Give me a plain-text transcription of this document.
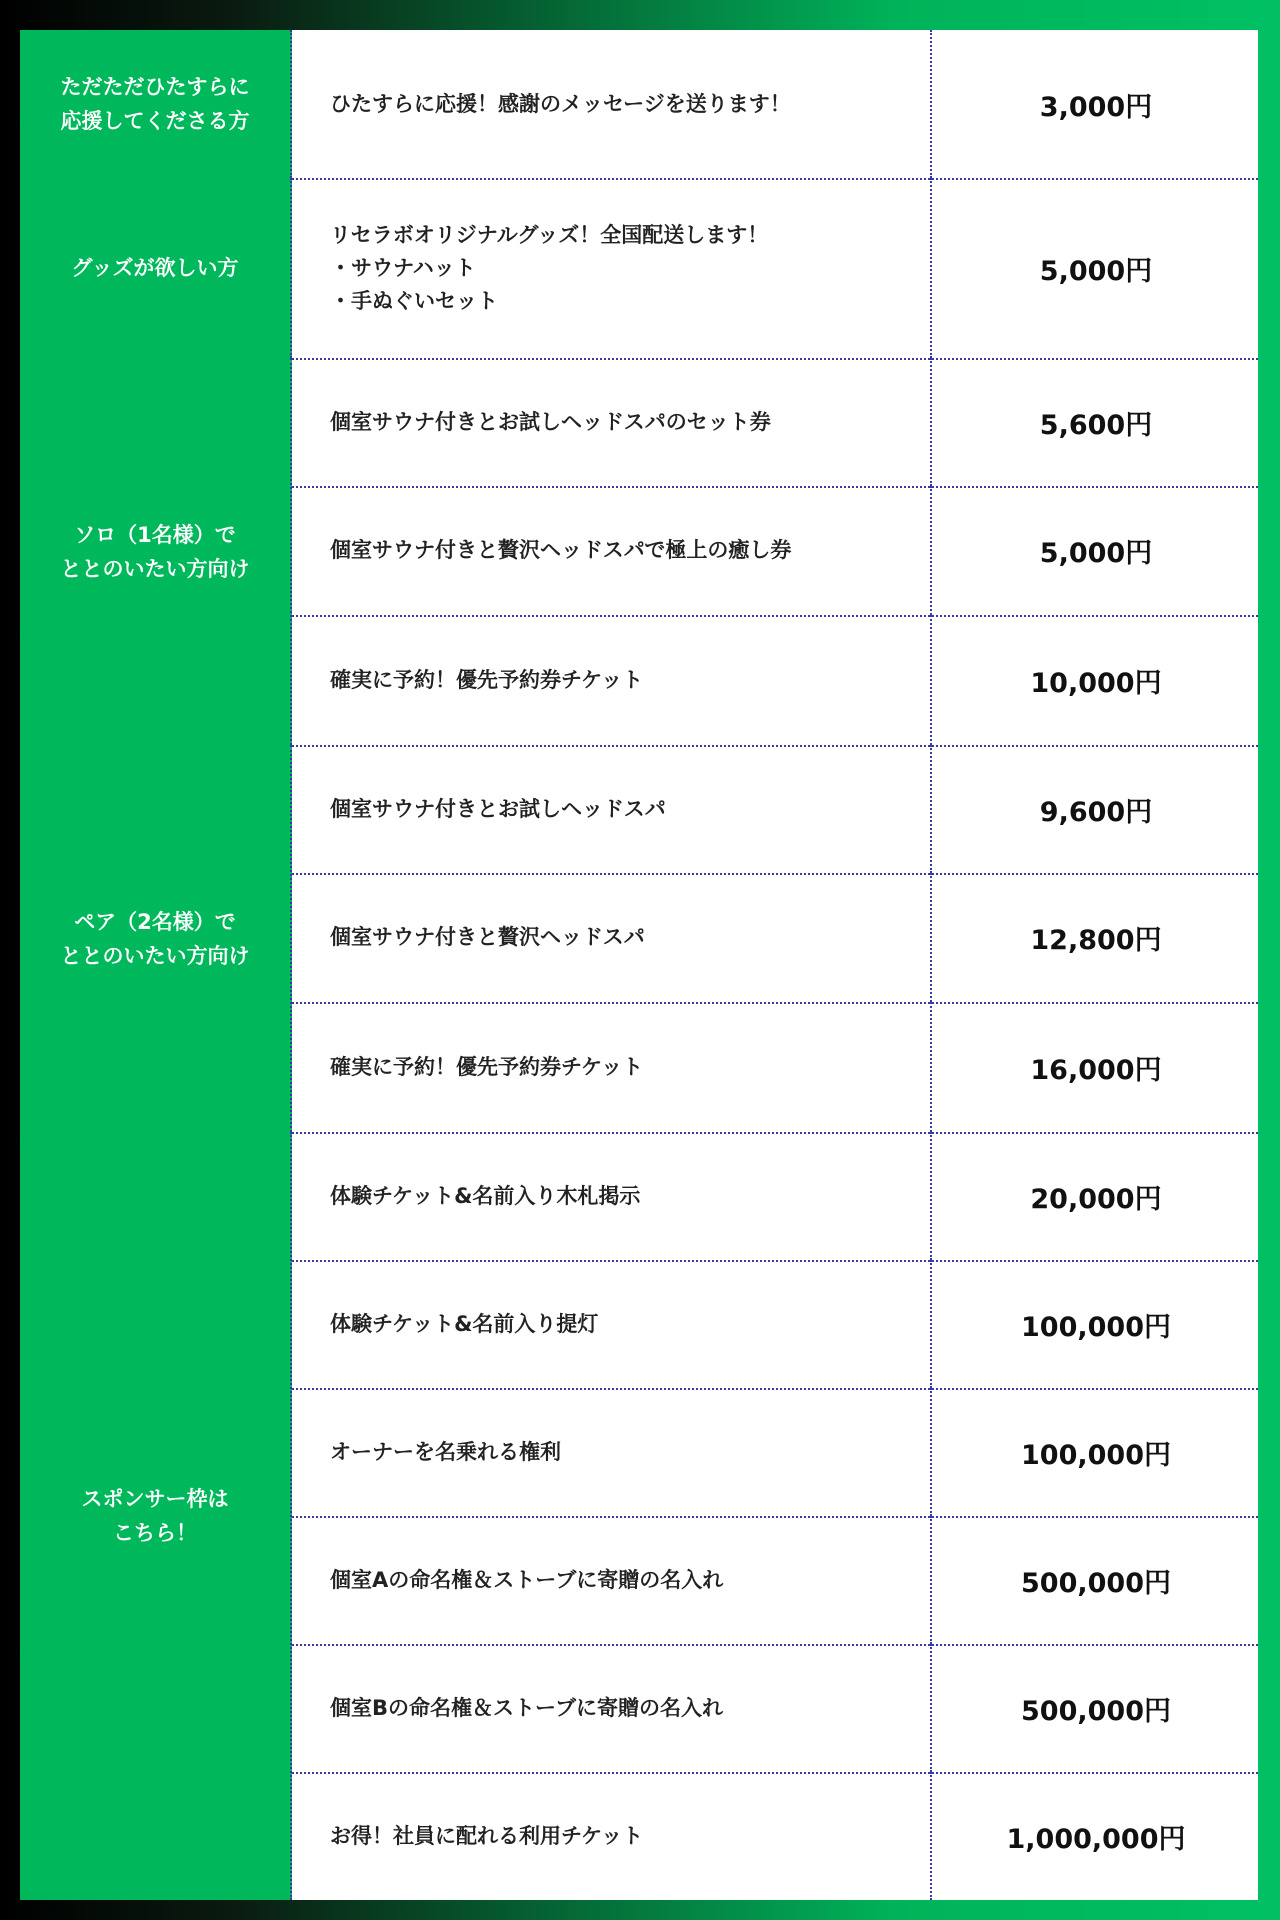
ただただひたすらに
応援してくださる方
ひたすらに応援！感謝のメッセージを送ります！	3,000円
グッズが欲しい方
リセラボオリジナルグッズ！全国配送します！
・サウナハット
・手ぬぐいセット
5,000円
ソロ（1名様）で
ととのいたい方向け
個室サウナ付きとお試しヘッドスパのセット券	5,600円
個室サウナ付きと贅沢ヘッドスパで極上の癒し券	5,000円
確実に予約！優先予約券チケット	10,000円
ペア（2名様）で
ととのいたい方向け
個室サウナ付きとお試しヘッドスパ	9,600円
個室サウナ付きと贅沢ヘッドスパ	12,800円
確実に予約！優先予約券チケット	16,000円
スポンサー枠は
こちら！
体験チケット&名前入り木札掲示	20,000円
体験チケット&名前入り提灯	100,000円
オーナーを名乗れる権利	100,000円
個室Aの命名権＆ストーブに寄贈の名入れ	500,000円
個室Bの命名権＆ストーブに寄贈の名入れ	500,000円
お得！社員に配れる利用チケット	1,000,000円
